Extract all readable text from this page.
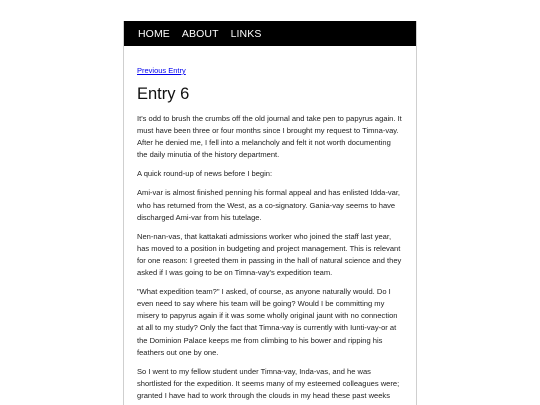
HOME ABOUT LINKS
Previous Entry
Entry 6

It's odd to brush the crumbs off the old journal and take pen to papyrus again. It must have been three or four months since I brought my request to Timna-vay. After he denied me, I fell into a melancholy and felt it not worth documenting the daily minutia of the history department.

A quick round-up of news before I begin:

Ami-var is almost finished penning his formal appeal and has enlisted Idda-var, who has returned from the West, as a co-signatory. Gania-vay seems to have discharged Ami-var from his tutelage.

Nen-nan-vas, that kattakati admissions worker who joined the staff last year, has moved to a position in budgeting and project management. This is relevant for one reason: I greeted them in passing in the hall of natural science and they asked if I was going to be on Timna-vay's expedition team.

"What expedition team?" I asked, of course, as anyone naturally would. Do I even need to say where his team will be going? Would I be committing my misery to papyrus again if it was some wholly original jaunt with no connection at all to my study? Only the fact that Timna-vay is currently with Iunti-vay-or at the Dominion Palace keeps me from climbing to his bower and ripping his feathers out one by one.

So I went to my fellow student under Timna-vay, Inda-vas, and he was shortlisted for the expedition. It seems many of my esteemed colleagues were; granted I have had to work through the clouds in my head these past weeks
